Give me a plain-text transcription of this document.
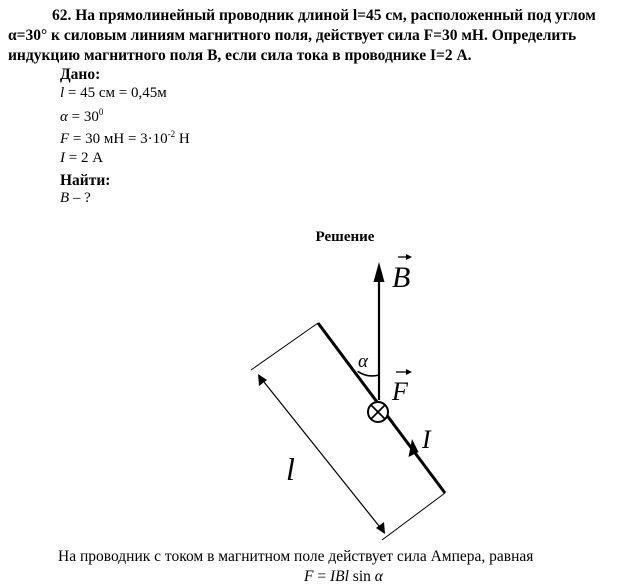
62. На прямолинейный проводник длиной l=45 см, расположенный под углом
α=30° к силовым линиям магнитного поля, действует сила F=30 мН. Определить
индукцию магнитного поля B, если сила тока в проводнике I=2 А.
Дано:
l = 45 см = 0,45м
$\alpha = 30^0$
F = 30 мН = $3\cdot 10^{-2}$ Н
I = 2 А
Найти:
B – ?
Решение
B
I
α
F
l
На проводник с током в магнитном поле действует сила Ампера, равная
F = IBl sin α
